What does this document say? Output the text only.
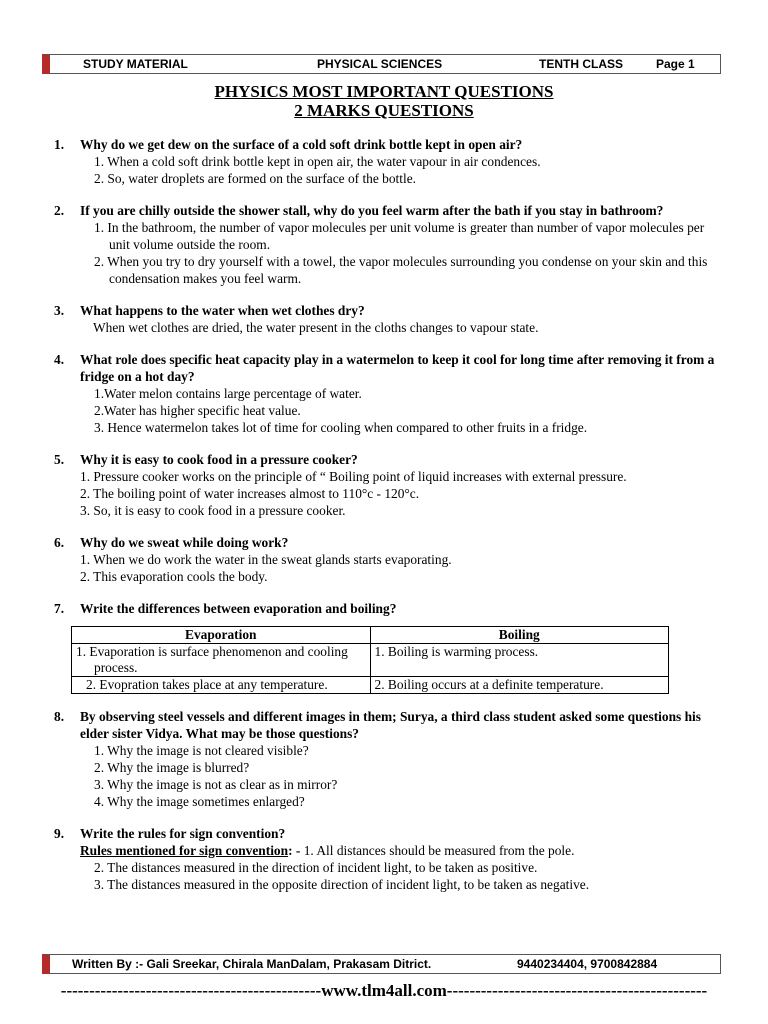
STUDY MATERIAL	PHYSICAL SCIENCES	TENTH CLASS	Page 1
PHYSICS MOST IMPORTANT QUESTIONS
2 MARKS QUESTIONS
1.	Why do we get dew on the surface of a cold soft drink bottle kept in open air?
1. When a cold soft drink bottle kept in open air, the water vapour in air condences.
2. So, water droplets are formed on the surface of the bottle.
2.	If you are chilly outside the shower stall, why do you feel warm after the bath if you stay in bathroom?
1. In the bathroom, the number of vapor molecules per unit volume is greater than number of vapor molecules per unit volume outside the room.
2. When you try to dry yourself with a towel, the vapor molecules surrounding you condense on your skin and this condensation makes you feel warm.
3.	What happens to the water when wet clothes dry?
When wet clothes are dried, the water present in the cloths changes to vapour state.
4.	What role does specific heat capacity play in a watermelon to keep it cool for long time after removing it from a fridge on a hot day?
1.Water melon contains large percentage of water.
2.Water has higher specific heat value.
3. Hence watermelon takes lot of time for cooling when compared to other fruits in a fridge.
5.	Why it is easy to cook food in a pressure cooker?
1. Pressure cooker works on the principle of “ Boiling point of liquid increases with external pressure.
2. The boiling point of water increases almost to 110°c - 120°c.
3. So, it is easy to cook food in a pressure cooker.
6.	Why do we sweat while doing work?
1. When we do work the water in the sweat glands starts evaporating.
2. This evaporation cools the body.
7.	Write the differences between evaporation and boiling?
Evaporation	Boiling

1. Evaporation is surface phenomenon and cooling process.	1. Boiling is warming process.
2. Evopration takes place at any temperature.	2. Boiling occurs at a definite temperature.
8.	By observing steel vessels and different images in them; Surya, a third class student asked some questions his elder sister Vidya. What may be those questions?
1. Why the image is not cleared visible?
2. Why the image is blurred?
3. Why the image is not as clear as in mirror?
4. Why the image sometimes enlarged?
9.	Write the rules for sign convention?
Rules mentioned for sign convention: - 1. All distances should be measured from the pole.
2. The distances measured in the direction of incident light, to be taken as positive.
3. The distances measured in the opposite direction of incident light, to be taken as negative.
Written By :- Gali Sreekar, Chirala ManDalam, Prakasam Ditrict.	9440234404, 9700842884
----------------------------------------------www.tlm4all.com----------------------------------------------
